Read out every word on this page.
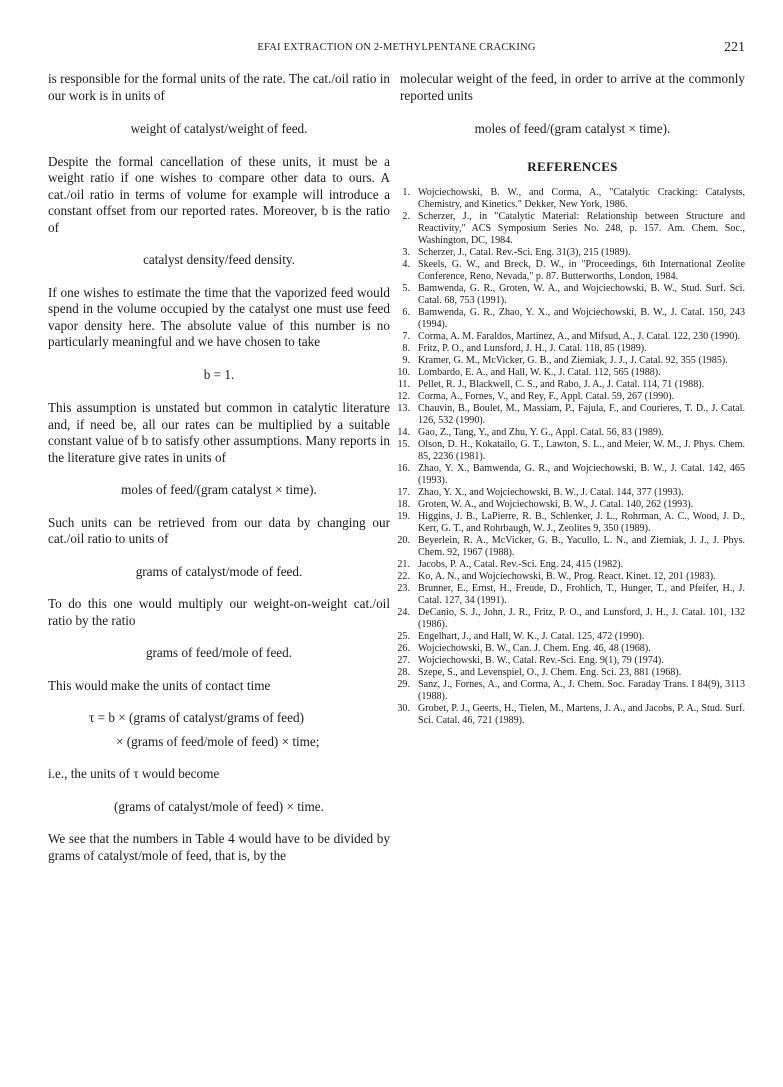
EFAI EXTRACTION ON 2-METHYLPENTANE CRACKING	221

is responsible for the formal units of the rate. The cat./oil ratio in our work is in units of

weight of catalyst/weight of feed.

Despite the formal cancellation of these units, it must be a weight ratio if one wishes to compare other data to ours. A cat./oil ratio in terms of volume for example will introduce a constant offset from our reported rates. Moreover, b is the ratio of

catalyst density/feed density.

If one wishes to estimate the time that the vaporized feed would spend in the volume occupied by the catalyst one must use feed vapor density here. The absolute value of this number is no particularly meaningful and we have chosen to take

b = 1.

This assumption is unstated but common in catalytic literature and, if need be, all our rates can be multiplied by a suitable constant value of b to satisfy other assumptions. Many reports in the literature give rates in units of

moles of feed/(gram catalyst × time).

Such units can be retrieved from our data by changing our cat./oil ratio to units of

grams of catalyst/mode of feed.

To do this one would multiply our weight-on-weight cat./oil ratio by the ratio

grams of feed/mole of feed.

This would make the units of contact time

τ = b × (grams of catalyst/grams of feed)
× (grams of feed/mole of feed) × time;

i.e., the units of τ would become

(grams of catalyst/mole of feed) × time.

We see that the numbers in Table 4 would have to be divided by grams of catalyst/mole of feed, that is, by the

molecular weight of the feed, in order to arrive at the commonly reported units

moles of feed/(gram catalyst × time).
REFERENCES
1. Wojciechowski, B. W., and Corma, A., "Catalytic Cracking: Catalysts, Chemistry, and Kinetics." Dekker, New York, 1986.
2. Scherzer, J., in "Catalytic Material: Relationship between Structure and Reactivity," ACS Symposium Series No. 248, p. 157. Am. Chem. Soc., Washington, DC, 1984.
3. Scherzer, J., Catal. Rev.-Sci. Eng. 31(3), 215 (1989).
4. Skeels, G. W., and Breck, D. W., in "Proceedings, 6th International Zeolite Conference, Reno, Nevada," p. 87. Butterworths, London, 1984.
5. Bamwenda, G. R., Groten, W. A., and Wojciechowski, B. W., Stud. Surf. Sci. Catal. 68, 753 (1991).
6. Bamwenda, G. R., Zhao, Y. X., and Wojciechowski, B. W., J. Catal. 150, 243 (1994).
7. Corma, A. M. Faraldos, Martinez, A., and Mifsud, A., J. Catal. 122, 230 (1990).
8. Fritz, P. O., and Lunsford, J. H., J. Catal. 118, 85 (1989).
9. Kramer, G. M., McVicker, G. B., and Ziemiak, J. J., J. Catal. 92, 355 (1985).
10. Lombardo, E. A., and Hall, W. K., J. Catal. 112, 565 (1988).
11. Pellet, R. J., Blackwell, C. S., and Rabo, J. A., J. Catal. 114, 71 (1988).
12. Corma, A., Fornes, V., and Rey, F., Appl. Catal. 59, 267 (1990).
13. Chauvin, B., Boulet, M., Massiam, P., Fajula, F., and Courieres, T. D., J. Catal. 126, 532 (1990).
14. Gao, Z., Tang, Y., and Zhu, Y. G., Appl. Catal. 56, 83 (1989).
15. Olson, D. H., Kokatailo, G. T., Lawton, S. L., and Meier, W. M., J. Phys. Chem. 85, 2236 (1981).
16. Zhao, Y. X., Bamwenda, G. R., and Wojciechowski, B. W., J. Catal. 142, 465 (1993).
17. Zhao, Y. X., and Wojciechowski, B. W., J. Catal. 144, 377 (1993).
18. Groten, W. A., and Wojciechowski, B. W., J. Catal. 140, 262 (1993).
19. Higgins, J. B., LaPierre, R. B., Schlenker, J. L., Rohrman, A. C., Wood, J. D., Kerr, G. T., and Rohrbaugh, W. J., Zeolites 9, 350 (1989).
20. Beyerlein, R. A., McVicker, G. B., Yacullo, L. N., and Ziemiak, J. J., J. Phys. Chem. 92, 1967 (1988).
21. Jacobs, P. A., Catal. Rev.-Sci. Eng. 24, 415 (1982).
22. Ko, A. N., and Wojciechowski, B. W., Prog. React. Kinet. 12, 201 (1983).
23. Brunner, E., Ernst, H., Freude, D., Frohlich, T., Hunger, T., and Pfeifer, H., J. Catal. 127, 34 (1991).
24. DeCanio, S. J., John, J. R., Fritz, P. O., and Lunsford, J. H., J. Catal. 101, 132 (1986).
25. Engelhart, J., and Hall, W. K., J. Catal. 125, 472 (1990).
26. Wojciechowski, B. W., Can. J. Chem. Eng. 46, 48 (1968).
27. Wojciechowski, B. W., Catal. Rev.-Sci. Eng. 9(1), 79 (1974).
28. Szepe, S., and Levenspiel, O., J. Chem. Eng. Sci. 23, 881 (1968).
29. Sanz, J., Fornes, A., and Corma, A., J. Chem. Soc. Faraday Trans. I 84(9), 3113 (1988).
30. Grobet, P. J., Geerts, H., Tielen, M., Martens, J. A., and Jacobs, P. A., Stud. Surf. Sci. Catal. 46, 721 (1989).
